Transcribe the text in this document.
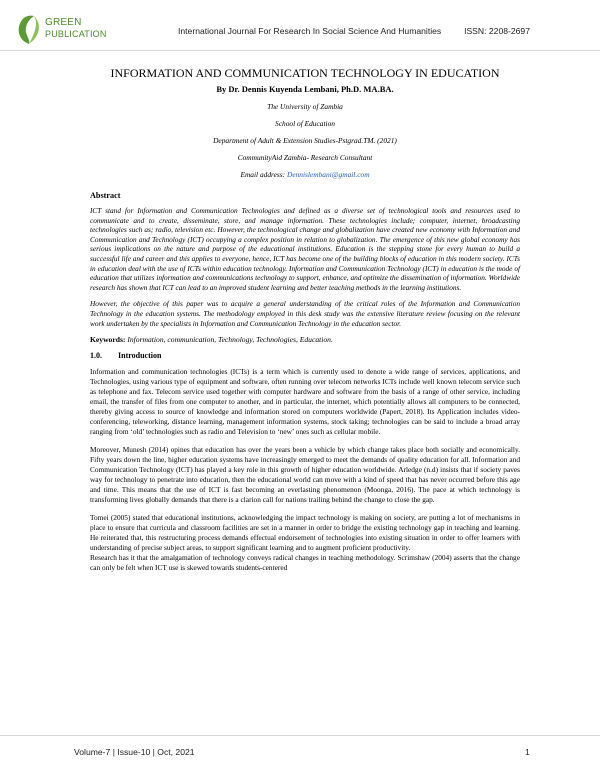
GREEN
PUBLICATION	International Journal For Research In Social Science And Humanities	ISSN: 2208-2697
INFORMATION AND COMMUNICATION TECHNOLOGY IN EDUCATION
By Dr. Dennis Kuyenda Lembani, Ph.D. MA.BA.
The University of Zambia
School of Education
Department of Adult & Extension Studies-Pstgrad.TM. (2021)
CommunityAid Zambia- Research Consultant
Email address: Dennislembani@gmail.com
Abstract

ICT stand for Information and Communication Technologies and defined as a diverse set of technological tools and resources used to communicate and to create, disseminate, store, and manage information. These technologies include; computer, internet, broadcasting technologies such as; radio, television etc. However, the technological change and globalization have created new economy with Information and Communication and Technology (ICT) occupying a complex position in relation to globalization. The emergence of this new global economy has serious implications on the nature and purpose of the educational institutions. Education is the stepping stone for every human to build a successful life and career and this applies to everyone, hence, ICT has become one of the building blocks of education in this modern society. ICTs in education deal with the use of ICTs within education technology. Information and Communication Technology (ICT) in education is the mode of education that utilizes information and communications technology to support, enhance, and optimize the dissemination of information. Worldwide research has shown that ICT can lead to an improved student learning and better teaching methods in the learning institutions.

However, the objective of this paper was to acquire a general understanding of the critical roles of the Information and Communication Technology in the education systems. The methodology employed in this desk study was the extensive literature review focusing on the relevant work undertaken by the specialists in Information and Communication Technology in the education sector.

Keywords: Information, communication, Technology, Technologies, Education.

1.0. Introduction

Information and communication technologies (ICTs) is a term which is currently used to denote a wide range of services, applications, and Technologies, using various type of equipment and software, often running over telecom networks ICTs include well known telecom service such as telephone and fax. Telecom service used together with computer hardware and software from the basis of a range of other service, including email, the transfer of files from one computer to another, and in particular, the internet, which potentially allows all computers to be connected, thereby giving access to source of knowledge and information stored on computers worldwide (Papert, 2018). Its Application includes video-conferencing, teleworking, distance learning, management information systems, stock taking; technologies can be said to include a broad array ranging from ‘old’ technologies such as radio and Television to ‘new’ ones such as cellular mobile.

Moreover, Munesh (2014) opines that education has over the years been a vehicle by which change takes place both socially and economically. Fifty years down the line, higher education systems have increasingly emerged to meet the demands of quality education for all. Information and Communication Technology (ICT) has played a key role in this growth of higher education worldwide. Arledge (n.d) insists that if society paves way for technology to penetrate into education, then the educational world can move with a kind of speed that has never occurred before this age and time. This means that the use of ICT is fast becoming an everlasting phenomenon (Moonga, 2016). The pace at which technology is transforming lives globally demands that there is a clarion call for nations trailing behind the change to close the gap.

Tomei (2005) stated that educational institutions, acknowledging the impact technology is making on society, are putting a lot of mechanisms in place to ensure that curricula and classroom facilities are set in a manner in order to bridge the existing technology gap in teaching and learning. He reiterated that, this restructuring process demands effectual endorsement of technologies into existing situation in order to offer learners with understanding of precise subject areas, to support significant learning and to augment proficient productivity.

Research has it that the amalgamation of technology conveys radical changes in teaching methodology. Scrimshaw (2004) asserts that the change can only be felt when ICT use is skewed towards students-centered

Volume-7 | Issue-10 | Oct, 2021	1
